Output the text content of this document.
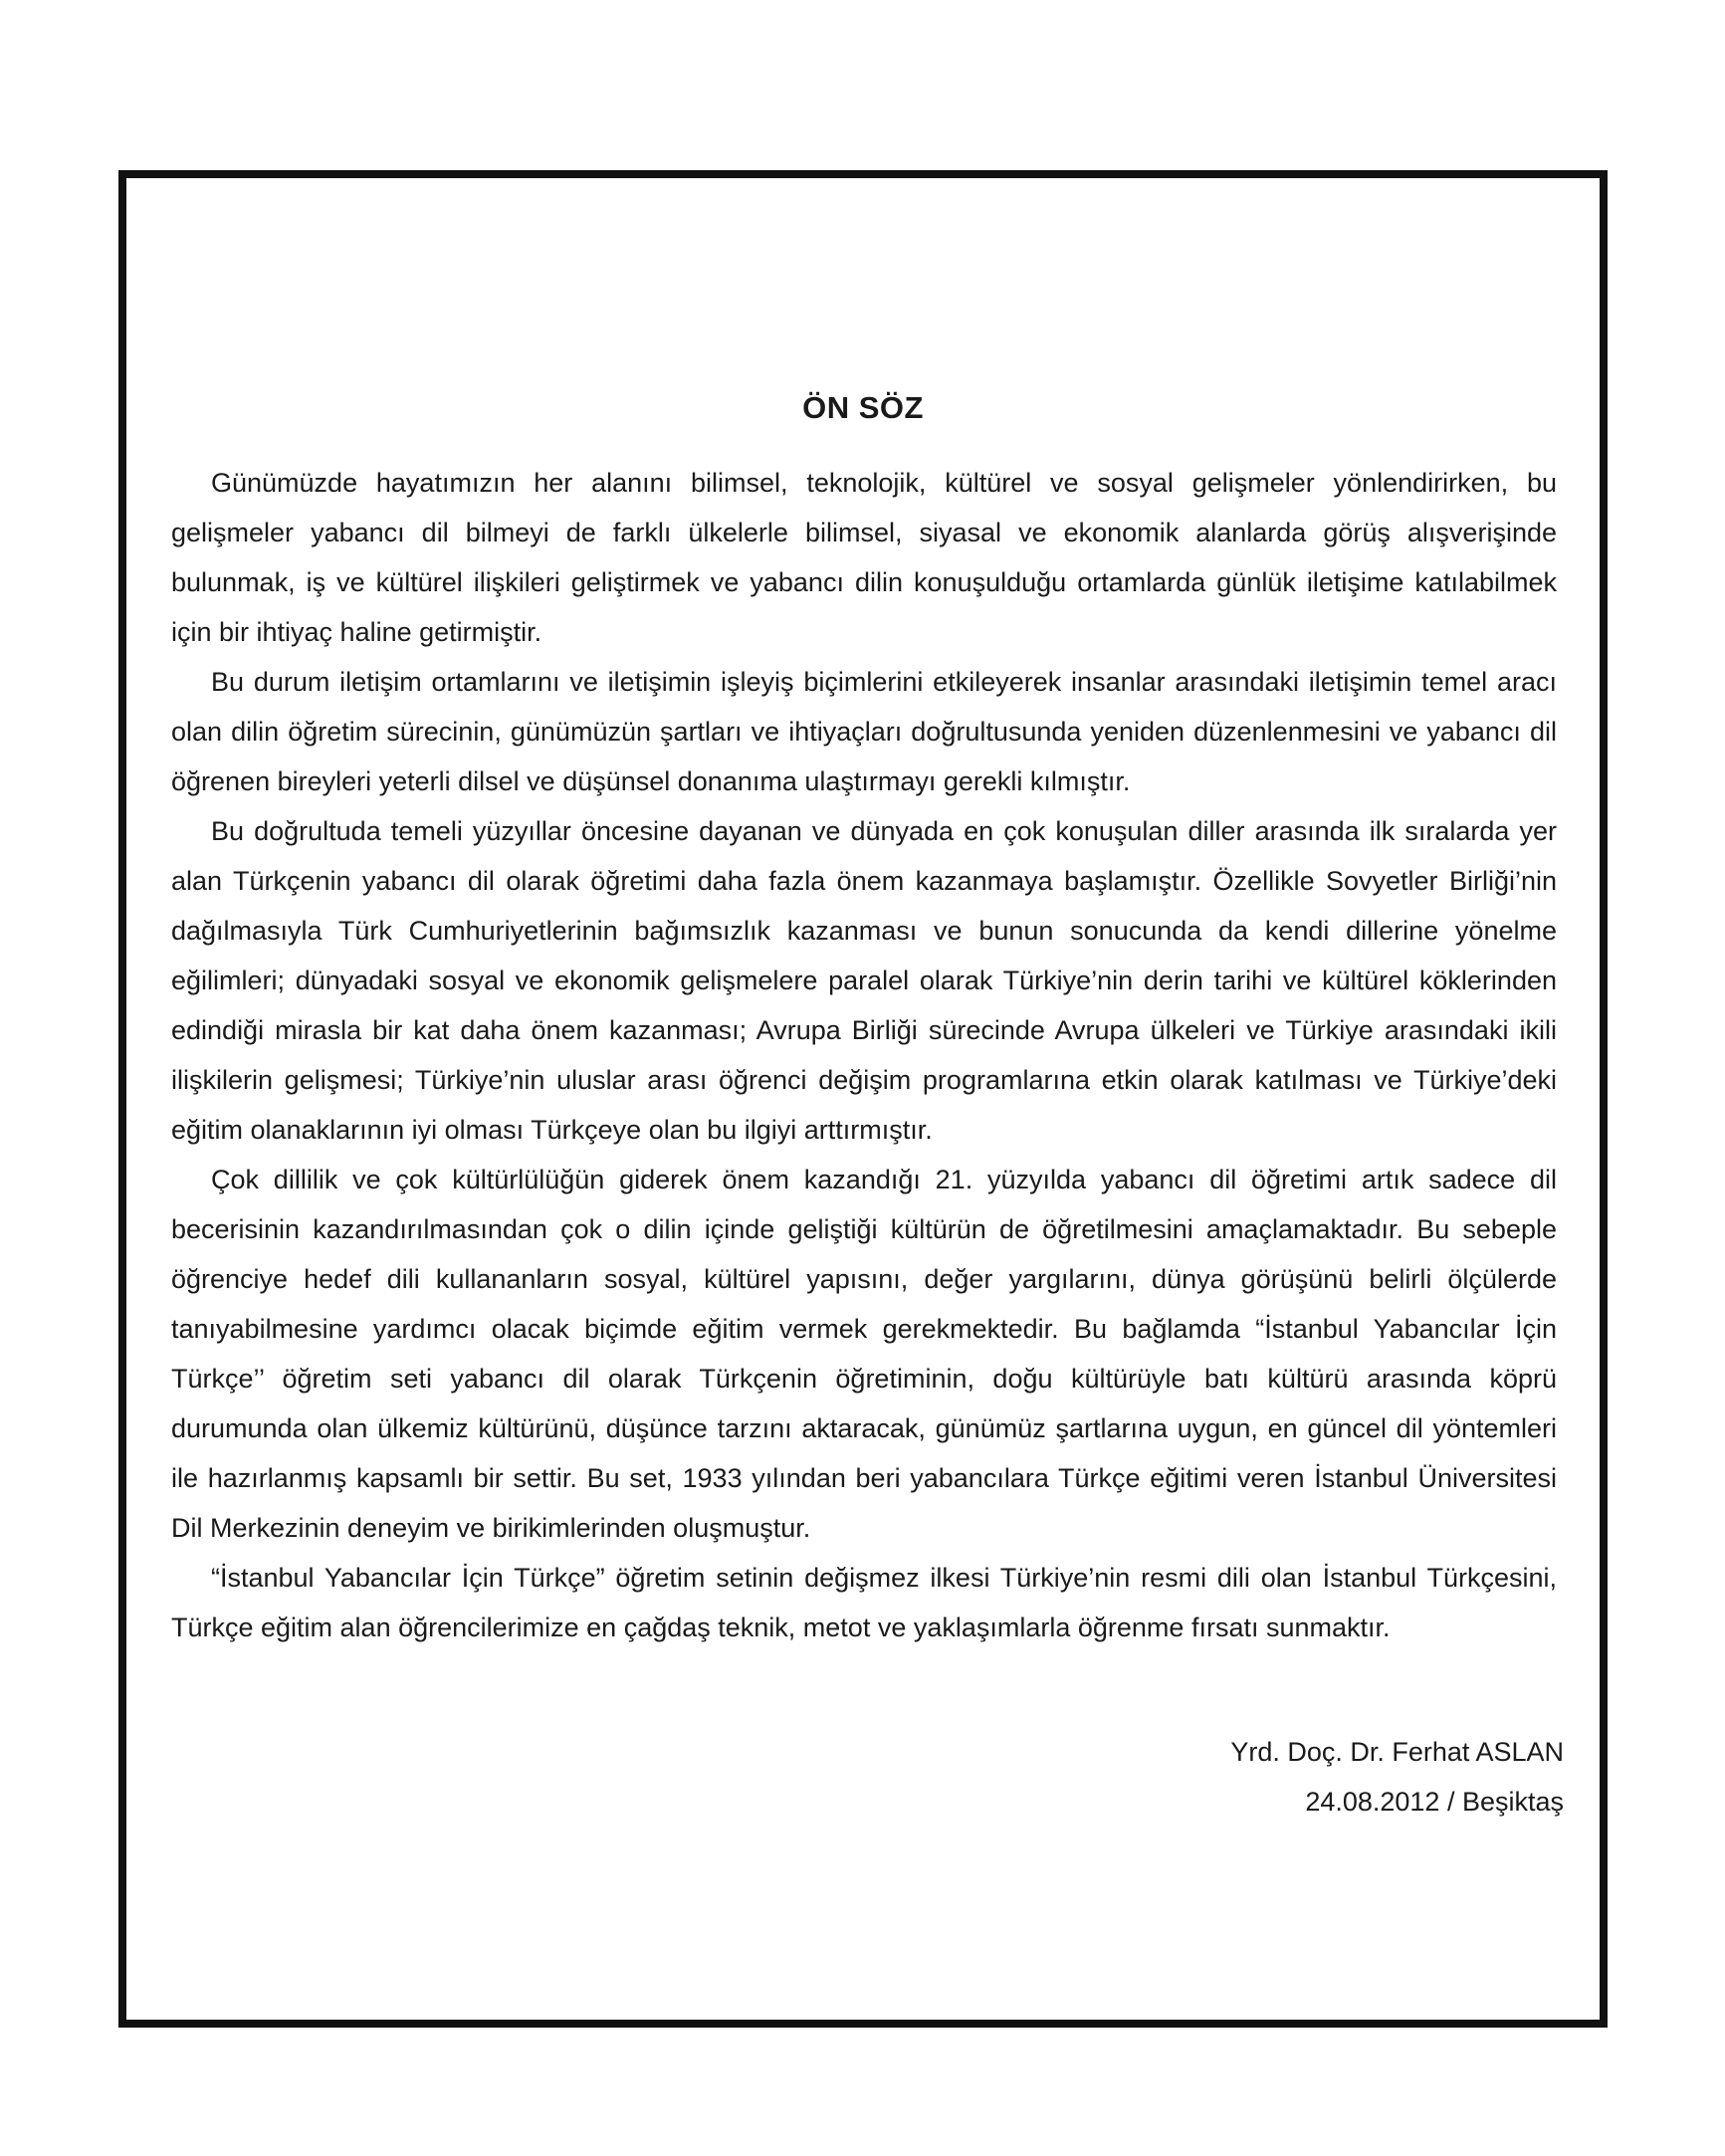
ÖN SÖZ

Günümüzde hayatımızın her alanını bilimsel, teknolojik, kültürel ve sosyal gelişmeler yönlendirirken, bu gelişmeler yabancı dil bilmeyi de farklı ülkelerle bilimsel, siyasal ve ekonomik alanlarda görüş alışverişinde bulunmak, iş ve kültürel ilişkileri geliştirmek ve yabancı dilin konuşulduğu ortamlarda günlük iletişime katılabilmek için bir ihtiyaç haline getirmiştir.

Bu durum iletişim ortamlarını ve iletişimin işleyiş biçimlerini etkileyerek insanlar arasındaki iletişimin temel aracı olan dilin öğretim sürecinin, günümüzün şartları ve ihtiyaçları doğrultusunda yeniden düzenlenmesini ve yabancı dil öğrenen bireyleri yeterli dilsel ve düşünsel donanıma ulaştırmayı gerekli kılmıştır.

Bu doğrultuda temeli yüzyıllar öncesine dayanan ve dünyada en çok konuşulan diller arasında ilk sıralarda yer alan Türkçenin yabancı dil olarak öğretimi daha fazla önem kazanmaya başlamıştır. Özellikle Sovyetler Birliği’nin dağılmasıyla Türk Cumhuriyetlerinin bağımsızlık kazanması ve bunun sonucunda da kendi dillerine yönelme eğilimleri; dünyadaki sosyal ve ekonomik gelişmelere paralel olarak Türkiye’nin derin tarihi ve kültürel köklerinden edindiği mirasla bir kat daha önem kazanması; Avrupa Birliği sürecinde Avrupa ülkeleri ve Türkiye arasındaki ikili ilişkilerin gelişmesi; Türkiye’nin uluslar arası öğrenci değişim programlarına etkin olarak katılması ve Türkiye’deki eğitim olanaklarının iyi olması Türkçeye olan bu ilgiyi arttırmıştır.

Çok dillilik ve çok kültürlülüğün giderek önem kazandığı 21. yüzyılda yabancı dil öğretimi artık sadece dil becerisinin kazandırılmasından çok o dilin içinde geliştiği kültürün de öğretilmesini amaçlamaktadır. Bu sebeple öğrenciye hedef dili kullananların sosyal, kültürel yapısını, değer yargılarını, dünya görüşünü belirli ölçülerde tanıyabilmesine yardımcı olacak biçimde eğitim vermek gerekmektedir. Bu bağlamda “İstanbul Yabancılar İçin Türkçe’’ öğretim seti yabancı dil olarak Türkçenin öğretiminin, doğu kültürüyle batı kültürü arasında köprü durumunda olan ülkemiz kültürünü, düşünce tarzını aktaracak, günümüz şartlarına uygun, en güncel dil yöntemleri ile hazırlanmış kapsamlı bir settir. Bu set, 1933 yılından beri yabancılara Türkçe eğitimi veren İstanbul Üniversitesi Dil Merkezinin deneyim ve birikimlerinden oluşmuştur.

“İstanbul Yabancılar İçin Türkçe” öğretim setinin değişmez ilkesi Türkiye’nin resmi dili olan İstanbul Türkçesini, Türkçe eğitim alan öğrencilerimize en çağdaş teknik, metot ve yaklaşımlarla öğrenme fırsatı sunmaktır.

Yrd. Doç. Dr. Ferhat ASLAN
24.08.2012 / Beşiktaş
